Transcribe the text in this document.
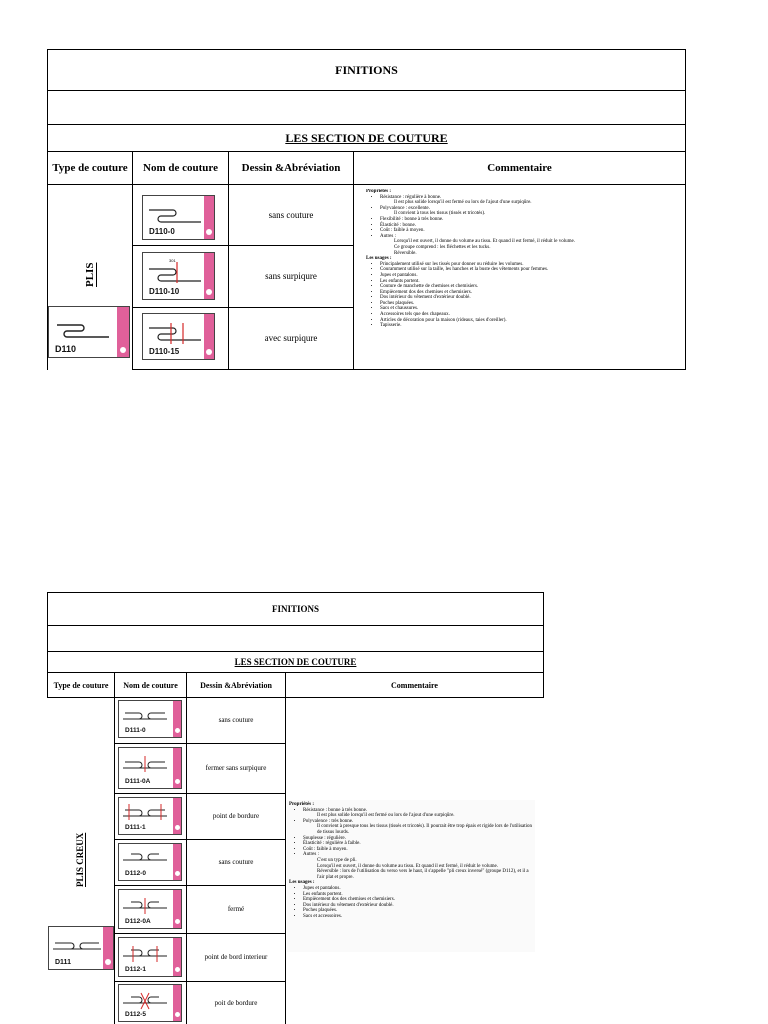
FINITIONS
LES SECTION DE COUTURE
Type de couture	Nom de couture	Dessin &Abréviation	Commentaire
PLIS
D110
D110-0
sans couture
301
D110-10
sans surpiqure
D110-15
avec surpiqure
Propriétés :
• Résistance : régulière à bonne.
Il est plus solide lorsqu'il est fermé ou lors de l'ajout d'une surpiqûre.
• Polyvalence : excellente.
Il convient à tous les tissus (tissés et tricotés).
• Flexibilité : bonne à très bonne.
• Élasticité : bonne.
• Coût : faible à moyen.
• Autres :
Lorsqu'il est ouvert, il donne du volume au tissu. Et quand il est fermé, il réduit le volume.
Ce groupe comprend : les fléchettes et les tucks.
Réversible.
Les usages :
• Principalement utilisé sur les tissés pour donner ou réduire les volumes.
• Couramment utilisé sur la taille, les hanches et la buste des vêtements pour femmes.
• Jupes et pantalons.
• Les enfants portent.
• Couture de manchette de chemises et chemisiers.
• Empiècement dos des chemises et chemisiers.
• Dos intérieur du vêtement d'extérieur doublé.
• Poches plaquées.
• Sacs et chaussures.
• Accessoires tels que des chapeaux.
• Articles de décoration pour la maison (rideaux, taies d'oreiller).
• Tapisserie.
FINITIONS
LES SECTION DE COUTURE
Type de couture	Nom de couture	Dessin &Abréviation	Commentaire
PLIS CREUX
D111
D111-0
sans couture
D111-0A
fermer sans surpiqure
D111-1
point de bordure
D112-0
sans couture
D112-0A
fermé
D112-1
point de bord interieur
D112-5
poit de bordure
Propriétés :
• Résistance : bonne à très bonne.
Il est plus solide lorsqu'il est fermé ou lors de l'ajout d'une surpiqûre.
• Polyvalence : très bonne.
Il convient à presque tous les tissus (tissés et tricotés). Il pourrait être trop épais et rigide lors de l'utilisation de tissus lourds.
• Souplesse : régulière.
• Élasticité : régulière à faible.
• Coût : faible à moyen.
• Autres :
C'est un type de pli.
Lorsqu'il est ouvert, il donne du volume au tissu. Et quand il est fermé, il réduit le volume.
Réversible : lors de l'utilisation du verso vers le haut, il s'appelle "pli creux inversé" (groupe D112), et il a l'air plat et propre.
Les usages :
• Jupes et pantalons.
• Les enfants portent.
• Empiècement dos des chemises et chemisiers.
• Dos intérieur du vêtement d'extérieur doublé.
• Poches plaquées.
• Sacs et accessoires.
